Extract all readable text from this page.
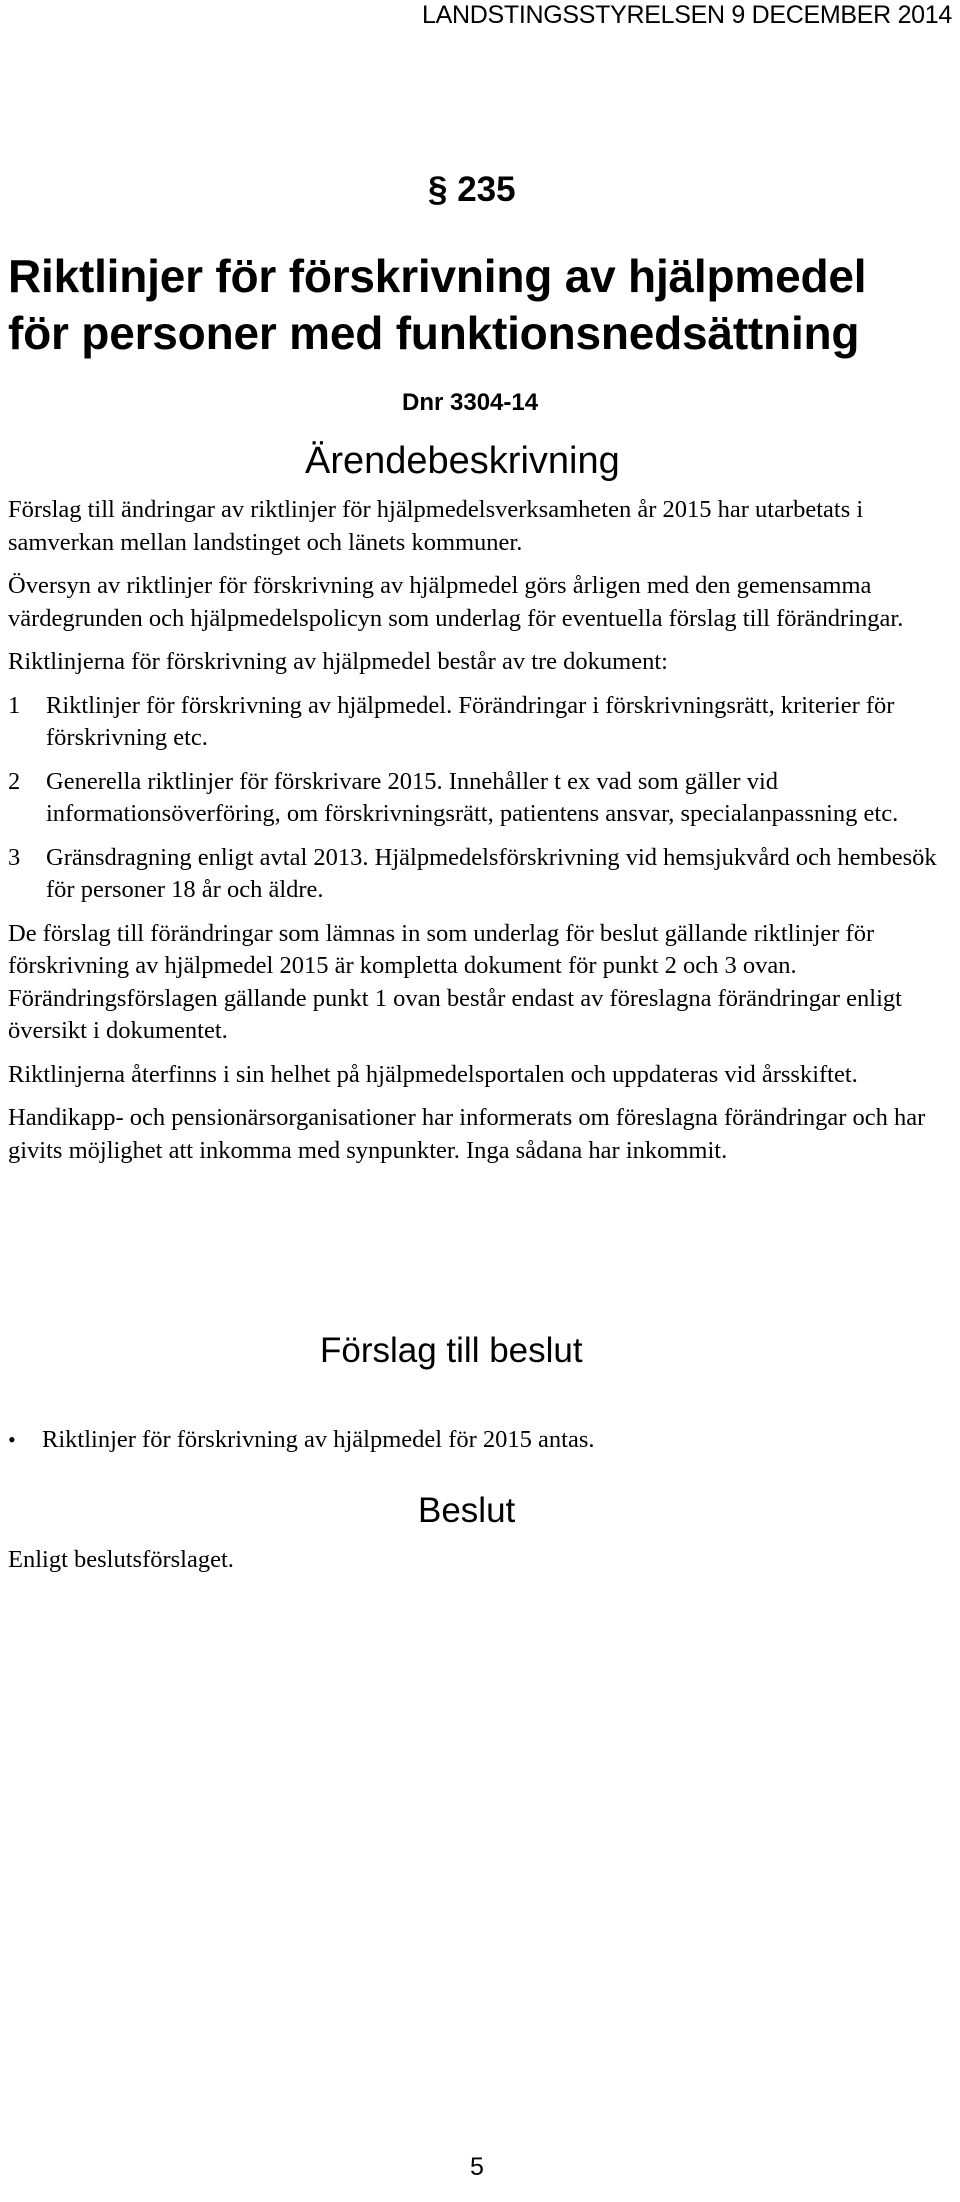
LANDSTINGSSTYRELSEN 9 DECEMBER 2014
§ 235
Riktlinjer för förskrivning av hjälpmedel
för personer med funktionsnedsättning
Dnr 3304-14
Ärendebeskrivning

Förslag till ändringar av riktlinjer för hjälpmedelsverksamheten år 2015 har utarbetats i samverkan mellan landstinget och länets kommuner.

Översyn av riktlinjer för förskrivning av hjälpmedel görs årligen med den gemensamma värdegrunden och hjälpmedelspolicyn som underlag för eventuella förslag till förändringar.

Riktlinjerna för förskrivning av hjälpmedel består av tre dokument:

1	Riktlinjer för förskrivning av hjälpmedel. Förändringar i förskrivningsrätt, kriterier för förskrivning etc.
2	Generella riktlinjer för förskrivare 2015. Innehåller t ex vad som gäller vid informationsöverföring, om förskrivningsrätt, patientens ansvar, specialanpassning etc.
3	Gränsdragning enligt avtal 2013. Hjälpmedelsförskrivning vid hemsjukvård och hembesök för personer 18 år och äldre.

De förslag till förändringar som lämnas in som underlag för beslut gällande riktlinjer för förskrivning av hjälpmedel 2015 är kompletta dokument för punkt 2 och 3 ovan. Förändringsförslagen gällande punkt 1 ovan består endast av föreslagna förändringar enligt översikt i dokumentet.

Riktlinjerna återfinns i sin helhet på hjälpmedelsportalen och uppdateras vid årsskiftet.

Handikapp- och pensionärsorganisationer har informerats om föreslagna förändringar och har givits möjlighet att inkomma med synpunkter. Inga sådana har inkommit.

Förslag till beslut
•	Riktlinjer för förskrivning av hjälpmedel för 2015 antas.
Beslut
Enligt beslutsförslaget.
5
